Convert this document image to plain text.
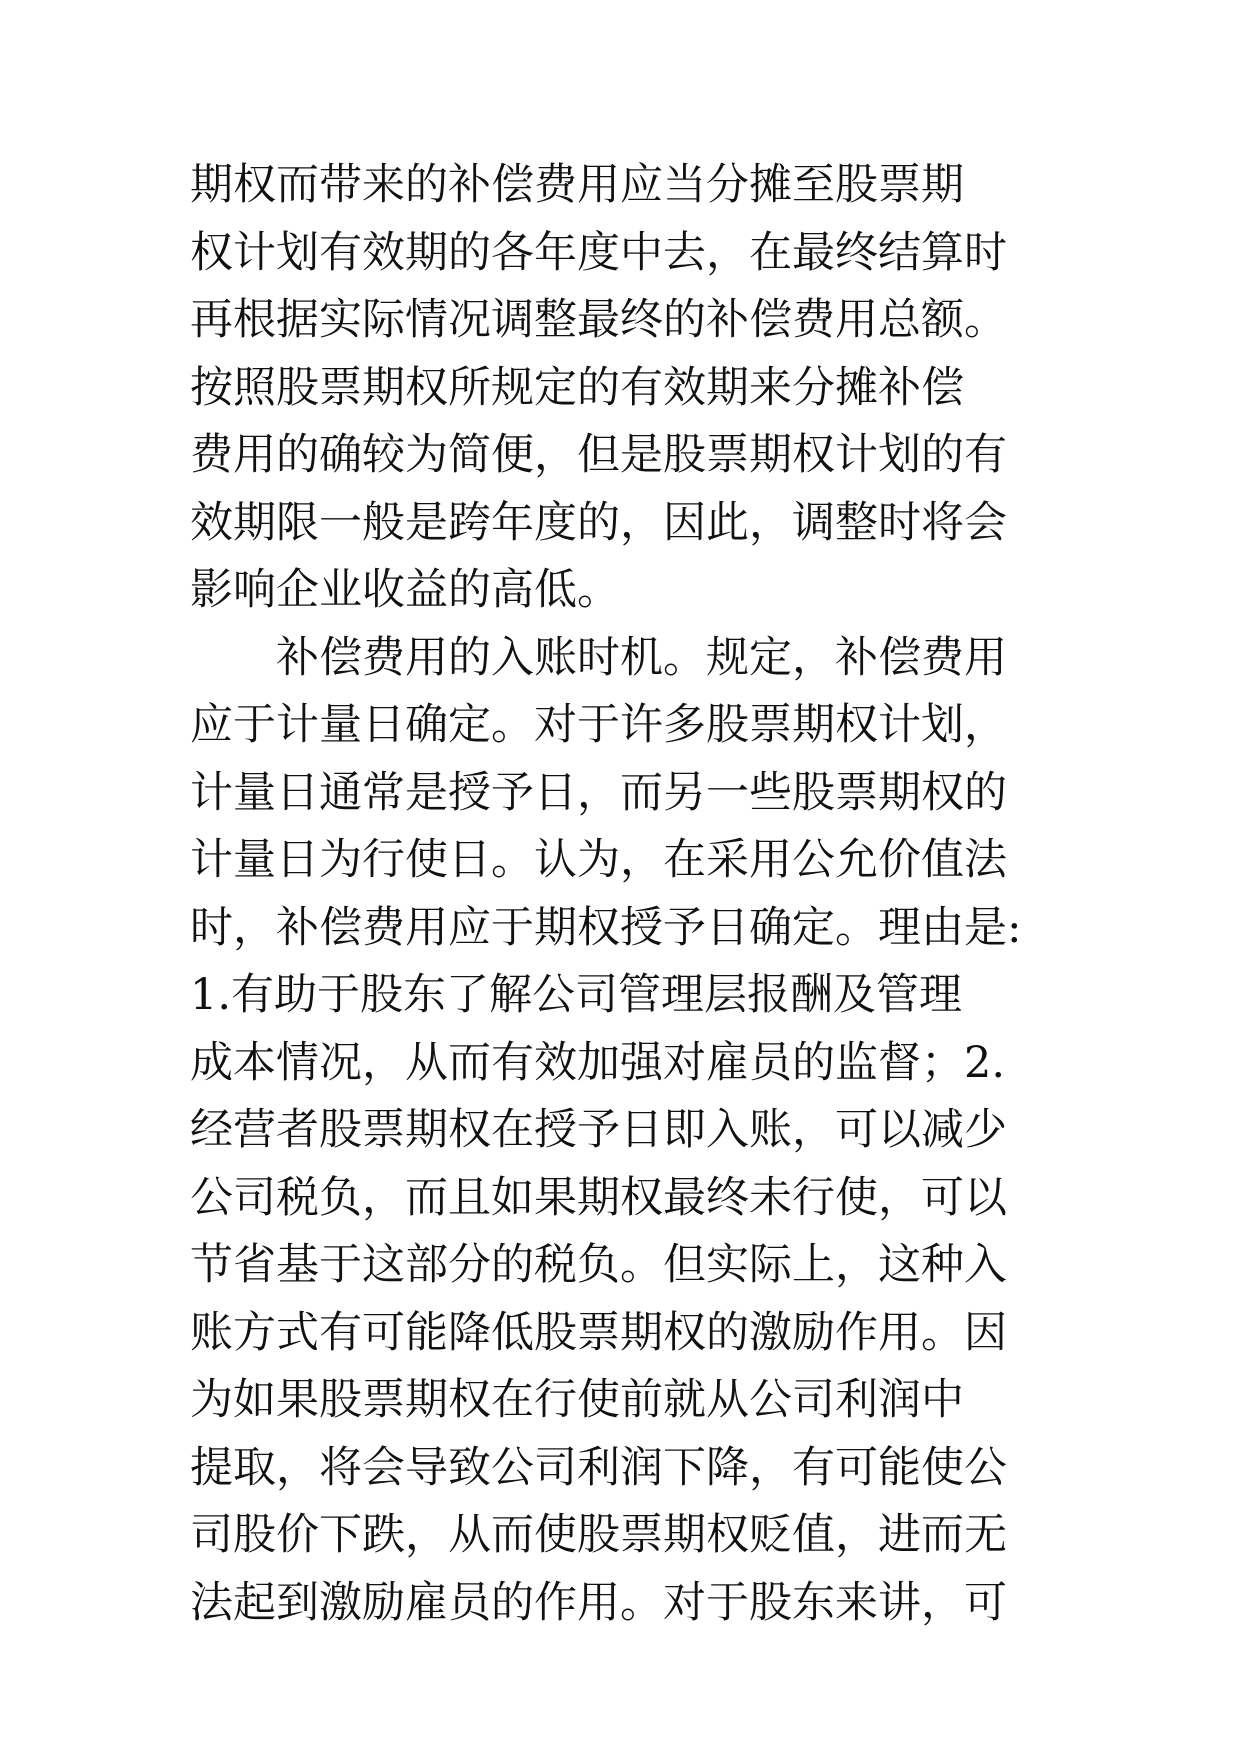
期权而带来的补偿费用应当分摊至股票期
权计划有效期的各年度中去，在最终结算时
再根据实际情况调整最终的补偿费用总额。
按照股票期权所规定的有效期来分摊补偿
费用的确较为简便，但是股票期权计划的有
效期限一般是跨年度的，因此，调整时将会
影响企业收益的高低。
　　补偿费用的入账时机。规定，补偿费用
应于计量日确定。对于许多股票期权计划，
计量日通常是授予日，而另一些股票期权的
计量日为行使日。认为，在采用公允价值法
时，补偿费用应于期权授予日确定。理由是:
1.有助于股东了解公司管理层报酬及管理
成本情况，从而有效加强对雇员的监督；2.
经营者股票期权在授予日即入账，可以减少
公司税负，而且如果期权最终未行使，可以
节省基于这部分的税负。但实际上，这种入
账方式有可能降低股票期权的激励作用。因
为如果股票期权在行使前就从公司利润中
提取，将会导致公司利润下降，有可能使公
司股价下跌，从而使股票期权贬值，进而无
法起到激励雇员的作用。对于股东来讲，可
